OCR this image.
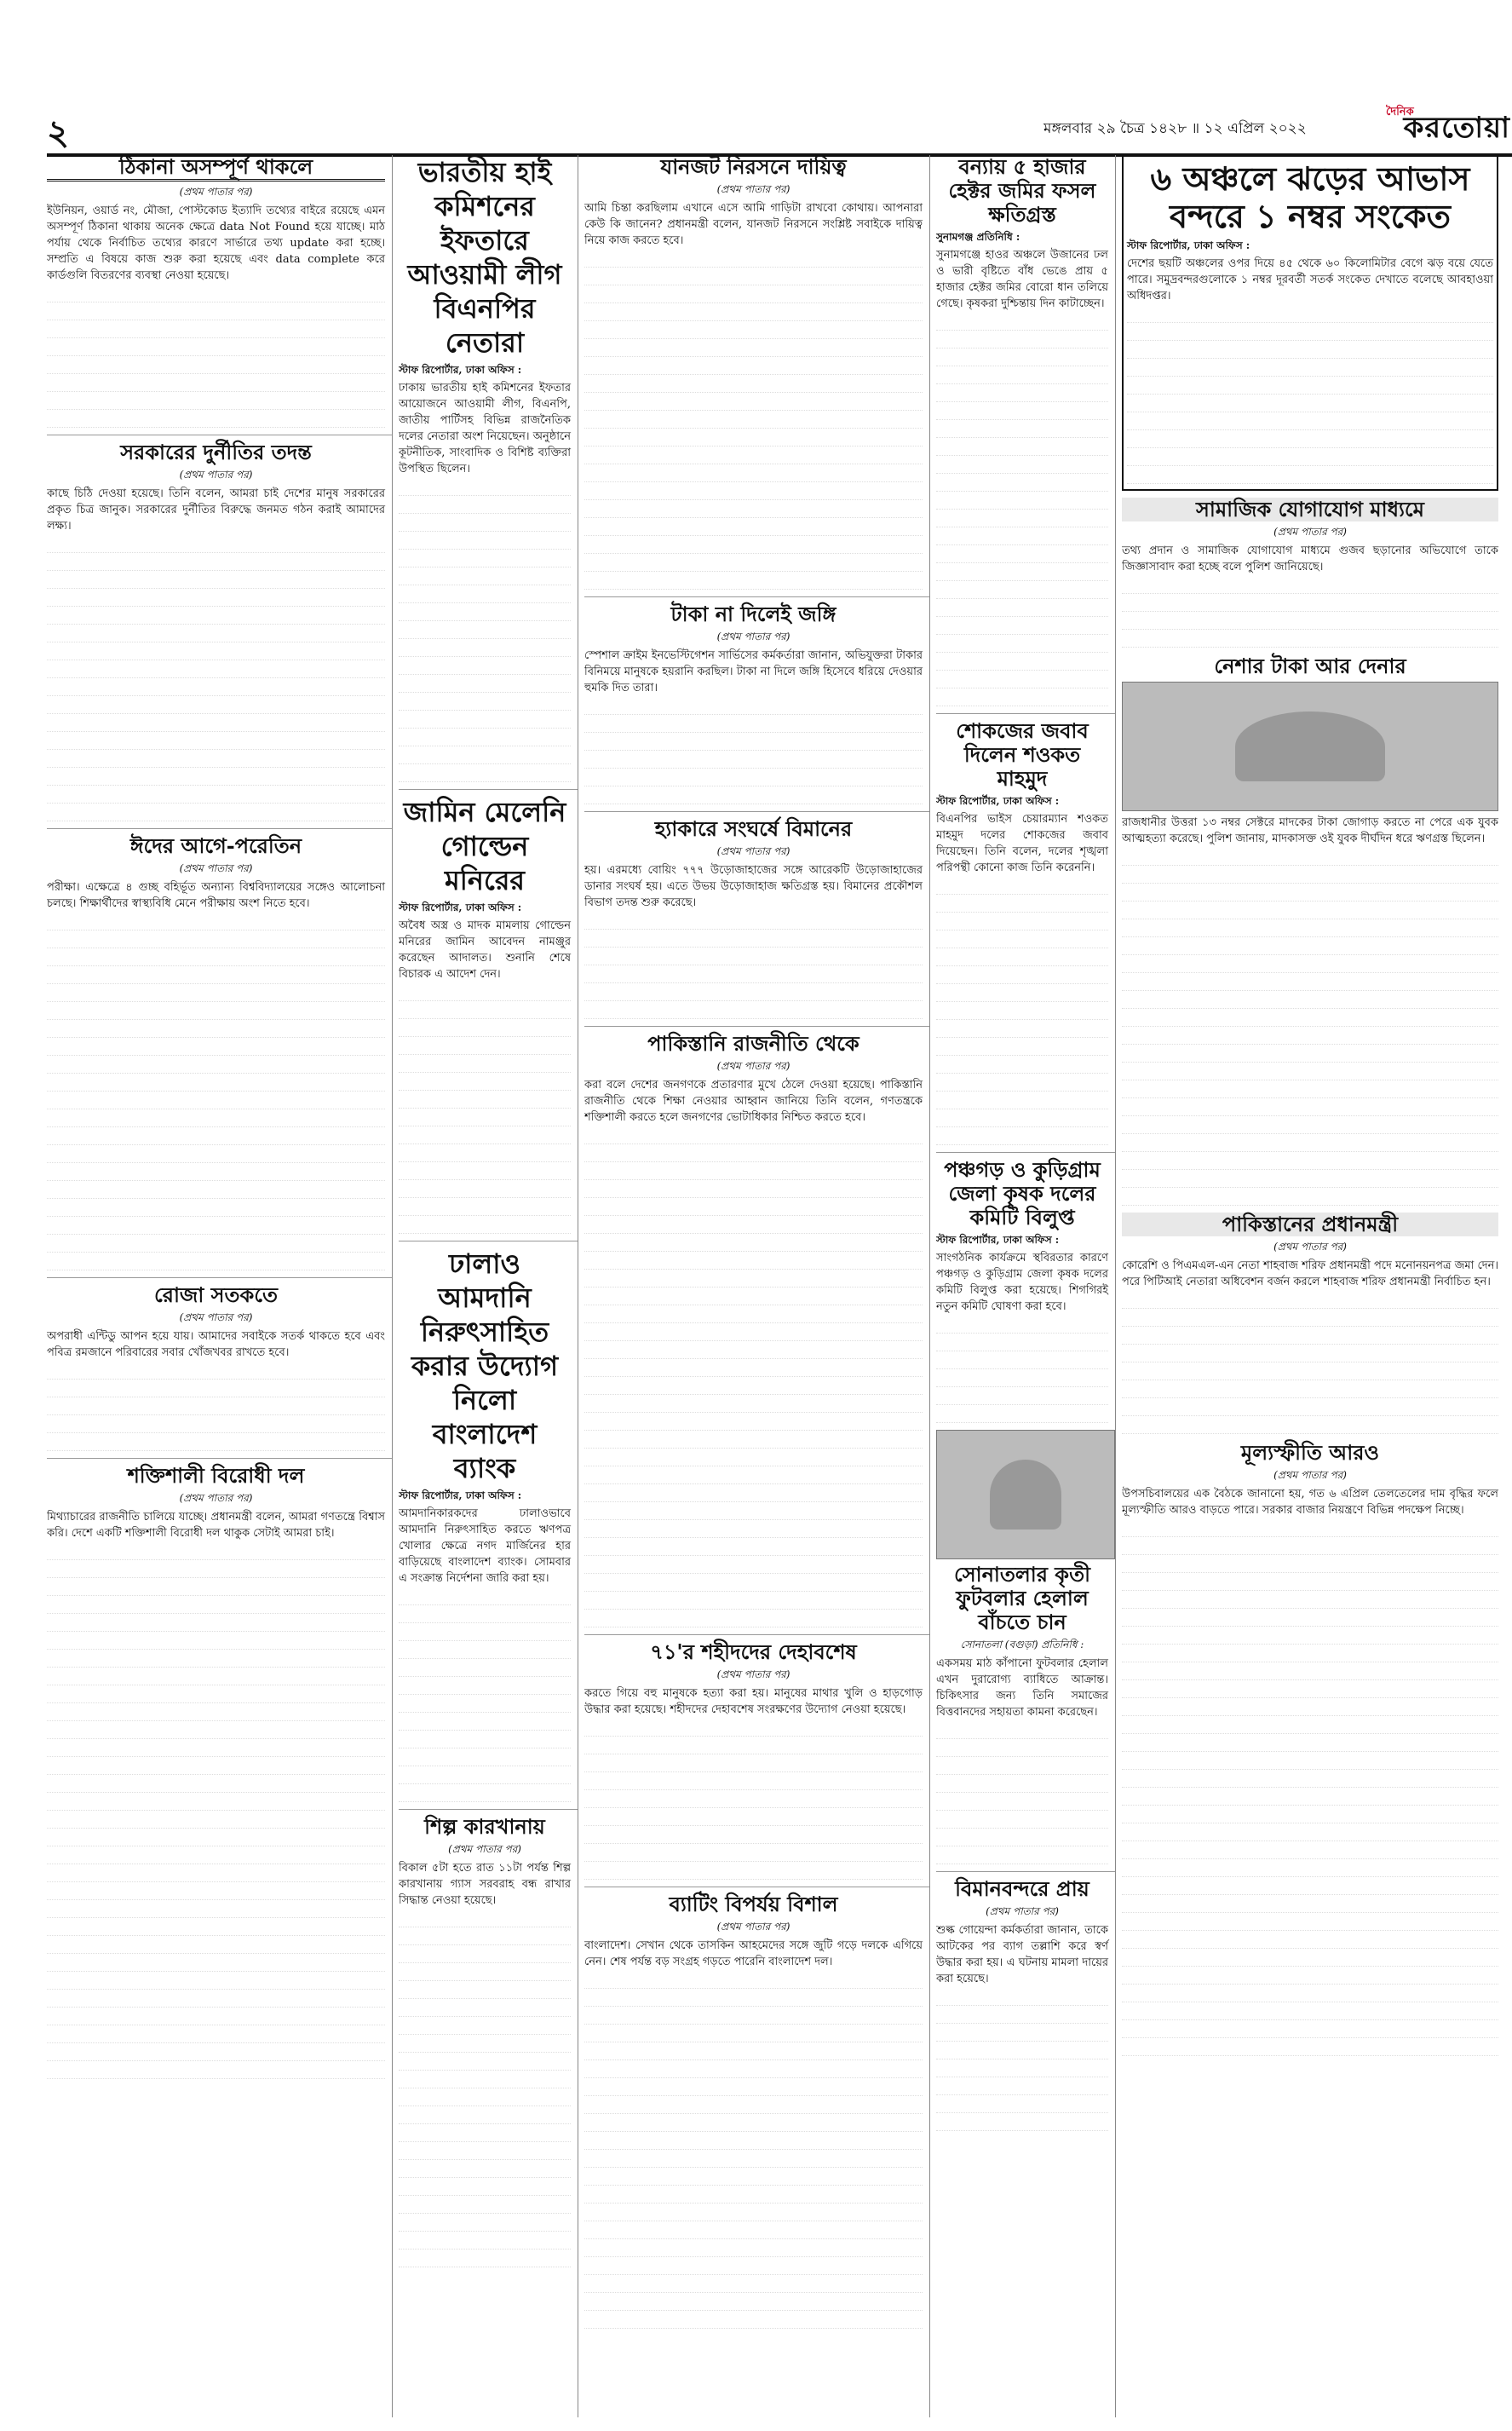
২	মঙ্গলবার ২৯ চৈত্র ১৪২৮ ॥ ১২ এপ্রিল ২০২২
দৈনিক
করতোয়া
ঠিকানা অসম্পূর্ণ থাকলে
(প্রথম পাতার পর)

ইউনিয়ন, ওয়ার্ড নং, মৌজা, পোস্টকোড ইত্যাদি তথ্যের বাইরে রয়েছে এমন অসম্পূর্ণ ঠিকানা থাকায় অনেক ক্ষেত্রে data Not Found হয়ে যাচ্ছে। মাঠ পর্যায় থেকে নির্বাচিত তথ্যের কারণে সার্ভারে তথ্য update করা হচ্ছে। সম্প্রতি এ বিষয়ে কাজ শুরু করা হয়েছে এবং data complete করে কার্ডগুলি বিতরণের ব্যবস্থা নেওয়া হয়েছে।

সরকারের দুর্নীতির তদন্ত
(প্রথম পাতার পর)

কাছে চিঠি দেওয়া হয়েছে। তিনি বলেন, আমরা চাই দেশের মানুষ সরকারের প্রকৃত চিত্র জানুক। সরকারের দুর্নীতির বিরুদ্ধে জনমত গঠন করাই আমাদের লক্ষ্য।

ঈদের আগে-পরেতিন
(প্রথম পাতার পর)

পরীক্ষা। এক্ষেত্রে ৪ গুচ্ছ বহির্ভূত অন্যান্য বিশ্ববিদ্যালয়ের সঙ্গেও আলোচনা চলছে। শিক্ষার্থীদের স্বাস্থ্যবিধি মেনে পরীক্ষায় অংশ নিতে হবে।

রোজা সতকতে
(প্রথম পাতার পর)

অপরাধী এন্টিডু আপন হয়ে যায়। আমাদের সবাইকে সতর্ক থাকতে হবে এবং পবিত্র রমজানে পরিবারের সবার খোঁজখবর রাখতে হবে।

শক্তিশালী বিরোধী দল
(প্রথম পাতার পর)

মিথ্যাচারের রাজনীতি চালিয়ে যাচ্ছে। প্রধানমন্ত্রী বলেন, আমরা গণতন্ত্রে বিশ্বাস করি। দেশে একটি শক্তিশালী বিরোধী দল থাকুক সেটাই আমরা চাই।

ভারতীয় হাই কমিশনের ইফতারে আওয়ামী লীগ বিএনপির নেতারা
স্টাফ রিপোর্টার, ঢাকা অফিস :

ঢাকায় ভারতীয় হাই কমিশনের ইফতার আয়োজনে আওয়ামী লীগ, বিএনপি, জাতীয় পার্টিসহ বিভিন্ন রাজনৈতিক দলের নেতারা অংশ নিয়েছেন। অনুষ্ঠানে কূটনীতিক, সাংবাদিক ও বিশিষ্ট ব্যক্তিরা উপস্থিত ছিলেন।

জামিন মেলেনি গোল্ডেন মনিরের
স্টাফ রিপোর্টার, ঢাকা অফিস :

অবৈধ অস্ত্র ও মাদক মামলায় গোল্ডেন মনিরের জামিন আবেদন নামঞ্জুর করেছেন আদালত। শুনানি শেষে বিচারক এ আদেশ দেন।

ঢালাও আমদানি নিরুৎসাহিত করার উদ্যোগ নিলো বাংলাদেশ ব্যাংক
স্টাফ রিপোর্টার, ঢাকা অফিস :

আমদানিকারকদের ঢালাওভাবে আমদানি নিরুৎসাহিত করতে ঋণপত্র খোলার ক্ষেত্রে নগদ মার্জিনের হার বাড়িয়েছে বাংলাদেশ ব্যাংক। সোমবার এ সংক্রান্ত নির্দেশনা জারি করা হয়।

শিল্প কারখানায়
(প্রথম পাতার পর)

বিকাল ৫টা হতে রাত ১১টা পর্যন্ত শিল্প কারখানায় গ্যাস সরবরাহ বন্ধ রাখার সিদ্ধান্ত নেওয়া হয়েছে।

যানজট নিরসনে দায়িত্ব
(প্রথম পাতার পর)

আমি চিন্তা করছিলাম এখানে এসে আমি গাড়িটা রাখবো কোথায়। আপনারা কেউ কি জানেন? প্রধানমন্ত্রী বলেন, যানজট নিরসনে সংশ্লিষ্ট সবাইকে দায়িত্ব নিয়ে কাজ করতে হবে।

টাকা না দিলেই জঙ্গি
(প্রথম পাতার পর)

স্পেশাল ক্রাইম ইনভেস্টিগেশন সার্ভিসের কর্মকর্তারা জানান, অভিযুক্তরা টাকার বিনিময়ে মানুষকে হয়রানি করছিল। টাকা না দিলে জঙ্গি হিসেবে ধরিয়ে দেওয়ার হুমকি দিত তারা।

হ্যাকারে সংঘর্ষে বিমানের
(প্রথম পাতার পর)

হয়। এরমধ্যে বোয়িং ৭৭৭ উড়োজাহাজের সঙ্গে আরেকটি উড়োজাহাজের ডানার সংঘর্ষ হয়। এতে উভয় উড়োজাহাজ ক্ষতিগ্রস্ত হয়। বিমানের প্রকৌশল বিভাগ তদন্ত শুরু করেছে।

পাকিস্তানি রাজনীতি থেকে
(প্রথম পাতার পর)

করা বলে দেশের জনগণকে প্রতারণার মুখে ঠেলে দেওয়া হয়েছে। পাকিস্তানি রাজনীতি থেকে শিক্ষা নেওয়ার আহ্বান জানিয়ে তিনি বলেন, গণতন্ত্রকে শক্তিশালী করতে হলে জনগণের ভোটাধিকার নিশ্চিত করতে হবে।

৭১'র শহীদদের দেহাবশেষ
(প্রথম পাতার পর)

করতে গিয়ে বহু মানুষকে হত্যা করা হয়। মানুষের মাথার খুলি ও হাড়গোড় উদ্ধার করা হয়েছে। শহীদদের দেহাবশেষ সংরক্ষণের উদ্যোগ নেওয়া হয়েছে।

ব্যাটিং বিপর্যয় বিশাল
(প্রথম পাতার পর)

বাংলাদেশ। সেখান থেকে তাসকিন আহমেদের সঙ্গে জুটি গড়ে দলকে এগিয়ে নেন। শেষ পর্যন্ত বড় সংগ্রহ গড়তে পারেনি বাংলাদেশ দল।

বন্যায় ৫ হাজার হেক্টর জমির ফসল ক্ষতিগ্রস্ত
সুনামগঞ্জ প্রতিনিধি :

সুনামগঞ্জে হাওর অঞ্চলে উজানের ঢল ও ভারী বৃষ্টিতে বাঁধ ভেঙে প্রায় ৫ হাজার হেক্টর জমির বোরো ধান তলিয়ে গেছে। কৃষকরা দুশ্চিন্তায় দিন কাটাচ্ছেন।

শোকজের জবাব দিলেন শওকত মাহমুদ
স্টাফ রিপোর্টার, ঢাকা অফিস :

বিএনপির ভাইস চেয়ারম্যান শওকত মাহমুদ দলের শোকজের জবাব দিয়েছেন। তিনি বলেন, দলের শৃঙ্খলা পরিপন্থী কোনো কাজ তিনি করেননি।

পঞ্চগড় ও কুড়িগ্রাম জেলা কৃষক দলের কমিটি বিলুপ্ত
স্টাফ রিপোর্টার, ঢাকা অফিস :

সাংগঠনিক কার্যক্রমে স্থবিরতার কারণে পঞ্চগড় ও কুড়িগ্রাম জেলা কৃষক দলের কমিটি বিলুপ্ত করা হয়েছে। শিগগিরই নতুন কমিটি ঘোষণা করা হবে।

সোনাতলার কৃতী ফুটবলার হেলাল বাঁচতে চান
সোনাতলা (বগুড়া) প্রতিনিধি :

একসময় মাঠ কাঁপানো ফুটবলার হেলাল এখন দুরারোগ্য ব্যাধিতে আক্রান্ত। চিকিৎসার জন্য তিনি সমাজের বিত্তবানদের সহায়তা কামনা করেছেন।

বিমানবন্দরে প্রায়
(প্রথম পাতার পর)

শুল্ক গোয়েন্দা কর্মকর্তারা জানান, তাকে আটকের পর ব্যাগ তল্লাশি করে স্বর্ণ উদ্ধার করা হয়। এ ঘটনায় মামলা দায়ের করা হয়েছে।

৬ অঞ্চলে ঝড়ের আভাস বন্দরে ১ নম্বর সংকেত
স্টাফ রিপোর্টার, ঢাকা অফিস :

দেশের ছয়টি অঞ্চলের ওপর দিয়ে ৪৫ থেকে ৬০ কিলোমিটার বেগে ঝড় বয়ে যেতে পারে। সমুদ্রবন্দরগুলোকে ১ নম্বর দূরবর্তী সতর্ক সংকেত দেখাতে বলেছে আবহাওয়া অধিদপ্তর।

সামাজিক যোগাযোগ মাধ্যমে
(প্রথম পাতার পর)

তথ্য প্রদান ও সামাজিক যোগাযোগ মাধ্যমে গুজব ছড়ানোর অভিযোগে তাকে জিজ্ঞাসাবাদ করা হচ্ছে বলে পুলিশ জানিয়েছে।

নেশার টাকা আর দেনার

রাজধানীর উত্তরা ১৩ নম্বর সেক্টরে মাদকের টাকা জোগাড় করতে না পেরে এক যুবক আত্মহত্যা করেছে। পুলিশ জানায়, মাদকাসক্ত ওই যুবক দীর্ঘদিন ধরে ঋণগ্রস্ত ছিলেন।

পাকিস্তানের প্রধানমন্ত্রী
(প্রথম পাতার পর)

কোরেশি ও পিএমএল-এন নেতা শাহবাজ শরিফ প্রধানমন্ত্রী পদে মনোনয়নপত্র জমা দেন। পরে পিটিআই নেতারা অধিবেশন বর্জন করলে শাহবাজ শরিফ প্রধানমন্ত্রী নির্বাচিত হন।

মূল্যস্ফীতি আরও
(প্রথম পাতার পর)

উপসচিবালয়ের এক বৈঠকে জানানো হয়, গত ৬ এপ্রিল তেলতেলের দাম বৃদ্ধির ফলে মূল্যস্ফীতি আরও বাড়তে পারে। সরকার বাজার নিয়ন্ত্রণে বিভিন্ন পদক্ষেপ নিচ্ছে।
